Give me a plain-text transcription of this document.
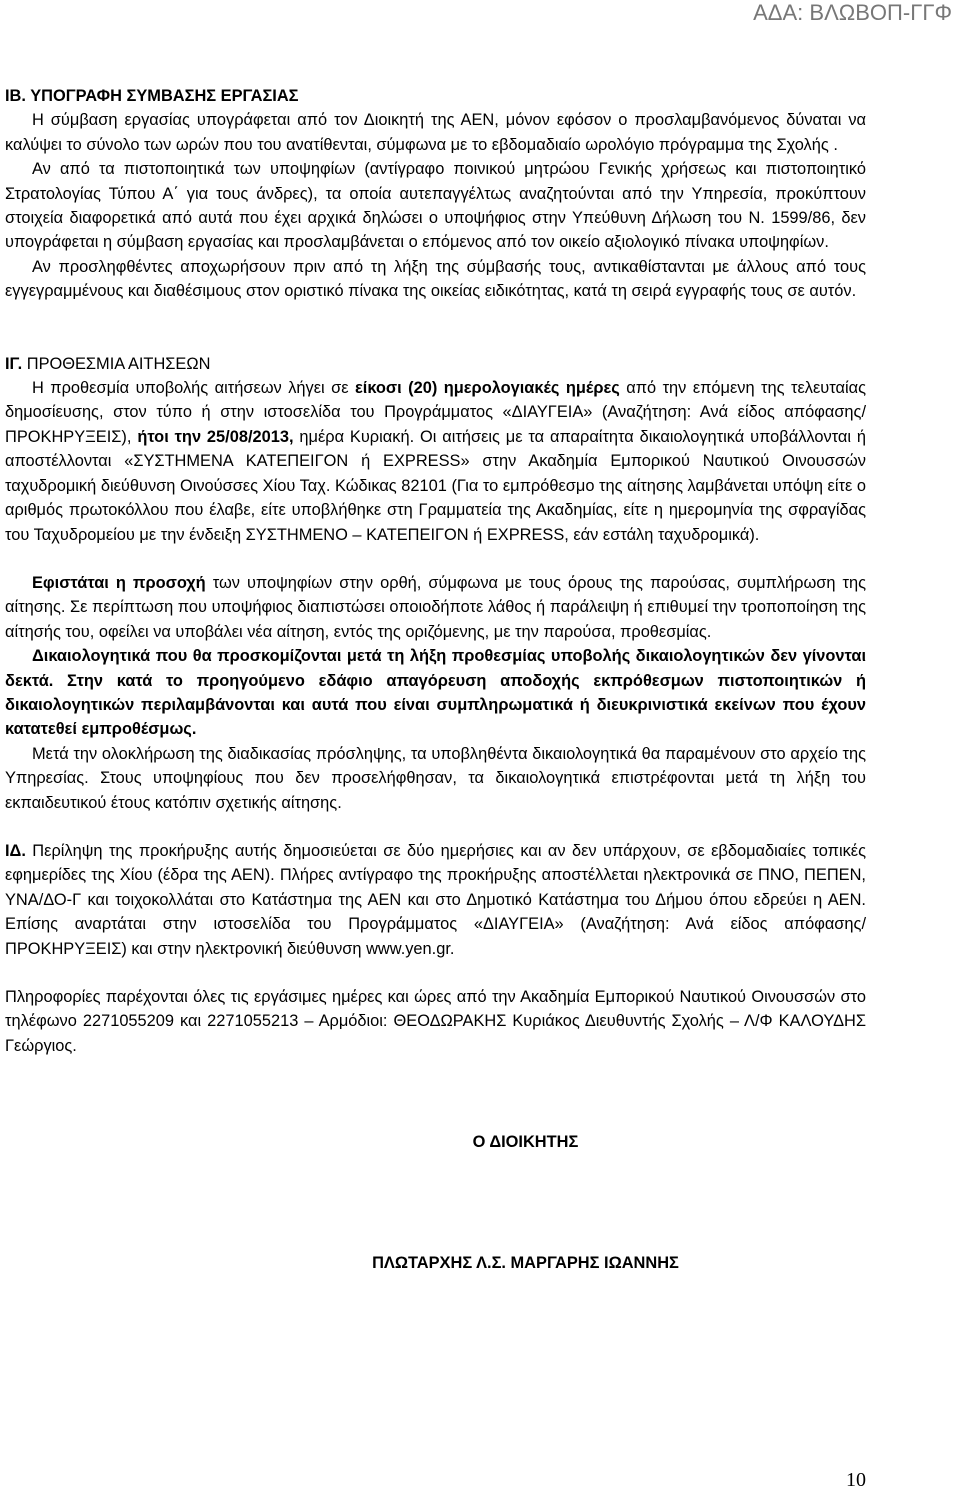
ΑΔΑ: ΒΛΩΒΟΠ-ΓΓΦ

ΙΒ. ΥΠΟΓΡΑΦΗ ΣΥΜΒΑΣΗΣ ΕΡΓΑΣΙΑΣ

Η σύμβαση εργασίας υπογράφεται από τον Διοικητή της ΑΕΝ, μόνον εφόσον ο προσλαμβανόμενος δύναται να καλύψει το σύνολο των ωρών που του ανατίθενται, σύμφωνα με το εβδομαδιαίο ωρολόγιο πρόγραμμα της Σχολής .

Αν από τα πιστοποιητικά των υποψηφίων (αντίγραφο ποινικού μητρώου Γενικής χρήσεως και πιστοποιητικό Στρατολογίας Τύπου Α΄ για τους άνδρες), τα οποία αυτεπαγγέλτως αναζητούνται από την Υπηρεσία, προκύπτουν στοιχεία διαφορετικά από αυτά που έχει αρχικά δηλώσει ο υποψήφιος στην Υπεύθυνη Δήλωση του Ν. 1599/86, δεν υπογράφεται η σύμβαση εργασίας και προσλαμβάνεται ο επόμενος από τον οικείο αξιολογικό πίνακα υποψηφίων.

Αν προσληφθέντες αποχωρήσουν πριν από τη λήξη της σύμβασής τους, αντικαθίστανται με άλλους από τους εγγεγραμμένους και διαθέσιμους στον οριστικό πίνακα της οικείας ειδικότητας, κατά τη σειρά εγγραφής τους σε αυτόν.

ΙΓ. ΠΡΟΘΕΣΜΙΑ ΑΙΤΗΣΕΩΝ

Η προθεσμία υποβολής αιτήσεων λήγει σε είκοσι (20) ημερολογιακές ημέρες από την επόμενη της τελευταίας δημοσίευσης, στον τύπο ή στην ιστοσελίδα του Προγράμματος «ΔΙΑΥΓΕΙΑ» (Αναζήτηση: Ανά είδος απόφασης/ΠΡΟΚΗΡΥΞΕΙΣ), ήτοι την 25/08/2013, ημέρα Κυριακή. Οι αιτήσεις με τα απαραίτητα δικαιολογητικά υποβάλλονται ή αποστέλλονται «ΣΥΣΤΗΜΕΝΑ ΚΑΤΕΠΕΙΓΟΝ ή EXPRESS» στην Ακαδημία Εμπορικού Ναυτικού Οινουσσών ταχυδρομική διεύθυνση Οινούσσες Χίου Ταχ. Κώδικας 82101 (Για το εμπρόθεσμο της αίτησης λαμβάνεται υπόψη είτε ο αριθμός πρωτοκόλλου που έλαβε, είτε υποβλήθηκε στη Γραμματεία της Ακαδημίας, είτε η ημερομηνία της σφραγίδας του Ταχυδρομείου με την ένδειξη ΣΥΣΤΗΜΕΝΟ – ΚΑΤΕΠΕΙΓΟΝ ή EXPRESS, εάν εστάλη ταχυδρομικά).

Εφιστάται η προσοχή των υποψηφίων στην ορθή, σύμφωνα με τους όρους της παρούσας, συμπλήρωση της αίτησης. Σε περίπτωση που υποψήφιος διαπιστώσει οποιοδήποτε λάθος ή παράλειψη ή επιθυμεί την τροποποίηση της αίτησής του, οφείλει να υποβάλει νέα αίτηση, εντός της οριζόμενης, με την παρούσα, προθεσμίας.

Δικαιολογητικά που θα προσκομίζονται μετά τη λήξη προθεσμίας υποβολής δικαιολογητικών δεν γίνονται δεκτά. Στην κατά το προηγούμενο εδάφιο απαγόρευση αποδοχής εκπρόθεσμων πιστοποιητικών ή δικαιολογητικών περιλαμβάνονται και αυτά που είναι συμπληρωματικά ή διευκρινιστικά εκείνων που έχουν κατατεθεί εμπροθέσμως.

Μετά την ολοκλήρωση της διαδικασίας πρόσληψης, τα υποβληθέντα δικαιολογητικά θα παραμένουν στο αρχείο της Υπηρεσίας. Στους υποψηφίους που δεν προσελήφθησαν, τα δικαιολογητικά επιστρέφονται μετά τη λήξη του εκπαιδευτικού έτους κατόπιν σχετικής αίτησης.

ΙΔ. Περίληψη της προκήρυξης αυτής δημοσιεύεται σε δύο ημερήσιες και αν δεν υπάρχουν, σε εβδομαδιαίες τοπικές εφημερίδες της Χίου (έδρα της ΑΕΝ). Πλήρες αντίγραφο της προκήρυξης αποστέλλεται ηλεκτρονικά σε ΠΝΟ, ΠΕΠΕΝ, ΥΝΑ/ΔΟ-Γ και τοιχοκολλάται στο Κατάστημα της ΑΕΝ και στο Δημοτικό Κατάστημα του Δήμου όπου εδρεύει η ΑΕΝ. Επίσης αναρτάται στην ιστοσελίδα του Προγράμματος «ΔΙΑΥΓΕΙΑ» (Αναζήτηση: Ανά είδος απόφασης/ ΠΡΟΚΗΡΥΞΕΙΣ) και στην ηλεκτρονική διεύθυνση www.yen.gr.

Πληροφορίες παρέχονται όλες τις εργάσιμες ημέρες και ώρες από την Ακαδημία Εμπορικού Ναυτικού Οινουσσών στο τηλέφωνο 2271055209 και 2271055213 – Αρμόδιοι: ΘΕΟΔΩΡΑΚΗΣ Κυριάκος Διευθυντής Σχολής – Λ/Φ ΚΑΛΟΥΔΗΣ Γεώργιος.

Ο ΔΙΟΙΚΗΤΗΣ

ΠΛΩΤΑΡΧΗΣ Λ.Σ. ΜΑΡΓΑΡΗΣ ΙΩΑΝΝΗΣ

10
